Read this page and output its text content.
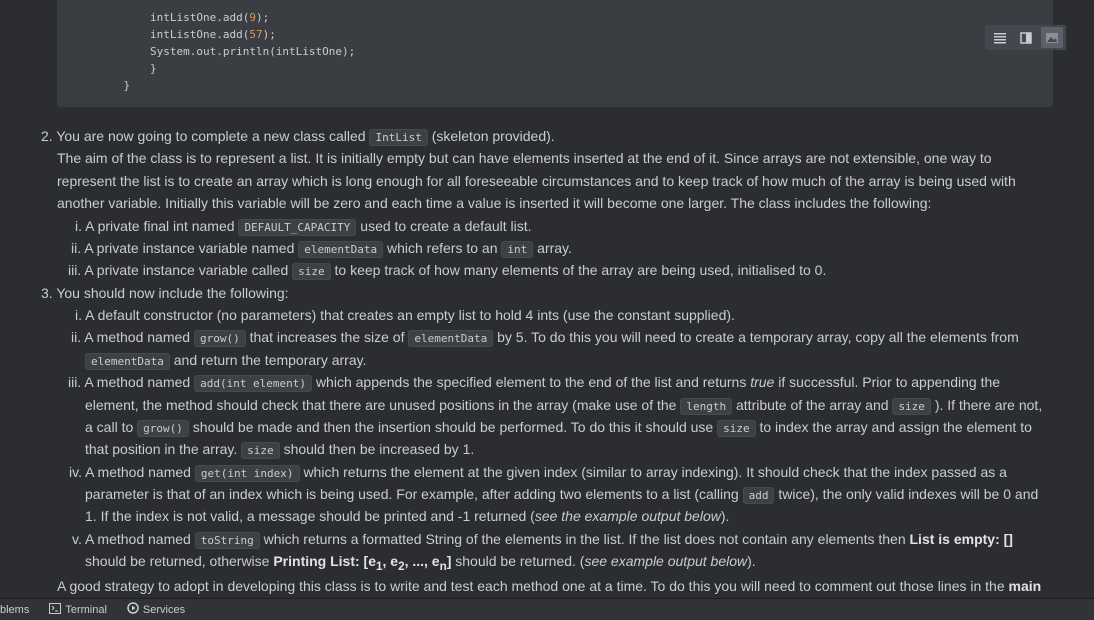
intListOne.add(9);
intListOne.add(57);
System.out.println(intListOne);
}
}
2. You are now going to complete a new class called IntList (skeleton provided).
The aim of the class is to represent a list. It is initially empty but can have elements inserted at the end of it. Since arrays are not extensible, one way to
represent the list is to create an array which is long enough for all foreseeable circumstances and to keep track of how much of the array is being used with
another variable. Initially this variable will be zero and each time a value is inserted it will become one larger. The class includes the following:
i. A private final int named DEFAULT_CAPACITY used to create a default list.
ii. A private instance variable named elementData which refers to an int array.
iii. A private instance variable called size to keep track of how many elements of the array are being used, initialised to 0.
3. You should now include the following:
i. A default constructor (no parameters) that creates an empty list to hold 4 ints (use the constant supplied).
ii. A method named grow() that increases the size of elementData by 5. To do this you will need to create a temporary array, copy all the elements from
elementData and return the temporary array.
iii. A method named add(int element) which appends the specified element to the end of the list and returns true if successful. Prior to appending the
element, the method should check that there are unused positions in the array (make use of the length attribute of the array and size ). If there are not,
a call to grow() should be made and then the insertion should be performed. To do this it should use size to index the array and assign the element to
that position in the array. size should then be increased by 1.
iv. A method named get(int index) which returns the element at the given index (similar to array indexing). It should check that the index passed as a
parameter is that of an index which is being used. For example, after adding two elements to a list (calling add twice), the only valid indexes will be 0 and
1. If the index is not valid, a message should be printed and -1 returned (see the example output below).
v. A method named toString which returns a formatted String of the elements in the list. If the list does not contain any elements then List is empty: []
should be returned, otherwise Printing List: [$e_1$, $e_2$, ..., $e_n$] should be returned. (see example output below).
A good strategy to adopt in developing this class is to write and test each method one at a time. To do this you will need to comment out those lines in the main
blems	Terminal	Services
